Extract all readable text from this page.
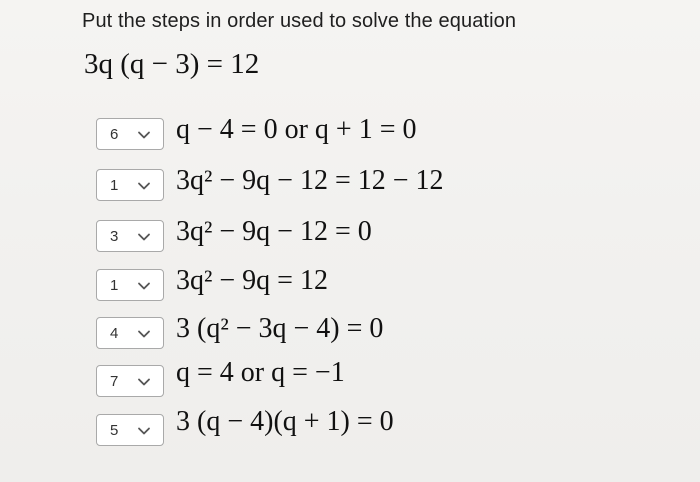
Put the steps in order used to solve the equation
3q (q − 3) = 12
6 q − 4 = 0 or q + 1 = 0
1 3q² − 9q − 12 = 12 − 12
3 3q² − 9q − 12 = 0
1 3q² − 9q = 12
4 3 (q² − 3q − 4) = 0
7 q = 4 or q = −1
5 3 (q − 4)(q + 1) = 0
